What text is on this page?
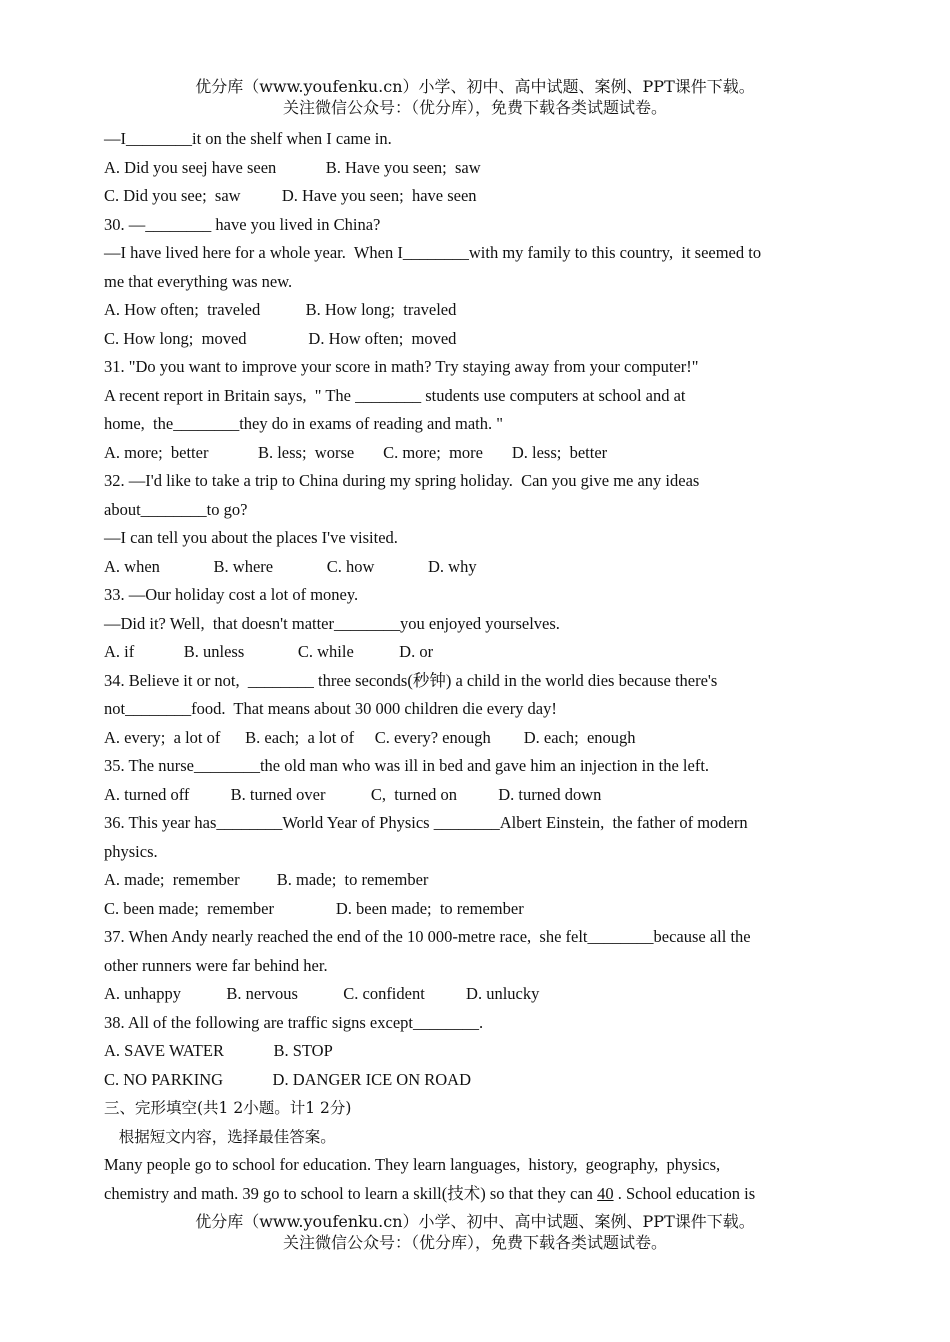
优分库（www.youfenku.cn）小学、初中、高中试题、案例、PPT课件下载。
关注微信公众号：（优分库），免费下载各类试题试卷。
—I________it on the shelf when I came in.
A. Did you seej have seen            B. Have you seen;  saw
C. Did you see;  saw          D. Have you seen;  have seen
30. —________ have you lived in China?
—I have lived here for a whole year.  When I________with my family to this country,  it seemed to
me that everything was new.
A. How often;  traveled           B. How long;  traveled
C. How long;  moved               D. How often;  moved
31. "Do you want to improve your score in math? Try staying away from your computer!"
A recent report in Britain says,  " The ________ students use computers at school and at
home,  the________they do in exams of reading and math. "
A. more;  better            B. less;  worse       C. more;  more       D. less;  better
32. —I'd like to take a trip to China during my spring holiday.  Can you give me any ideas
about________to go?
—I can tell you about the places I've visited.
A. when             B. where             C. how             D. why
33. —Our holiday cost a lot of money.
—Did it? Well,  that doesn't matter________you enjoyed yourselves.
A. if            B. unless             C. while           D. or
34. Believe it or not,  ________ three seconds(秒钟) a child in the world dies because there's
not________food.  That means about 30 000 children die every day!
A. every;  a lot of      B. each;  a lot of     C. every? enough        D. each;  enough
35. The nurse________the old man who was ill in bed and gave him an injection in the left.
A. turned off          B. turned over           C,  turned on          D. turned down
36. This year has________World Year of Physics ________Albert Einstein,  the father of modern
physics.
A. made;  remember         B. made;  to remember
C. been made;  remember               D. been made;  to remember
37. When Andy nearly reached the end of the 10 000-metre race,  she felt________because all the
other runners were far behind her.
A. unhappy           B. nervous           C. confident          D. unlucky
38. All of the following are traffic signs except________.
A. SAVE WATER            B. STOP
C. NO PARKING            D. DANGER ICE ON ROAD
三、完形填空(共1 2小题。计1 2分)
根据短文内容，选择最佳答案。
Many people go to school for education. They learn languages,  history,  geography,  physics,
chemistry and math. 39 go to school to learn a skill(技术) so that they can 40 . School education is
优分库（www.youfenku.cn）小学、初中、高中试题、案例、PPT课件下载。
关注微信公众号：（优分库），免费下载各类试题试卷。
